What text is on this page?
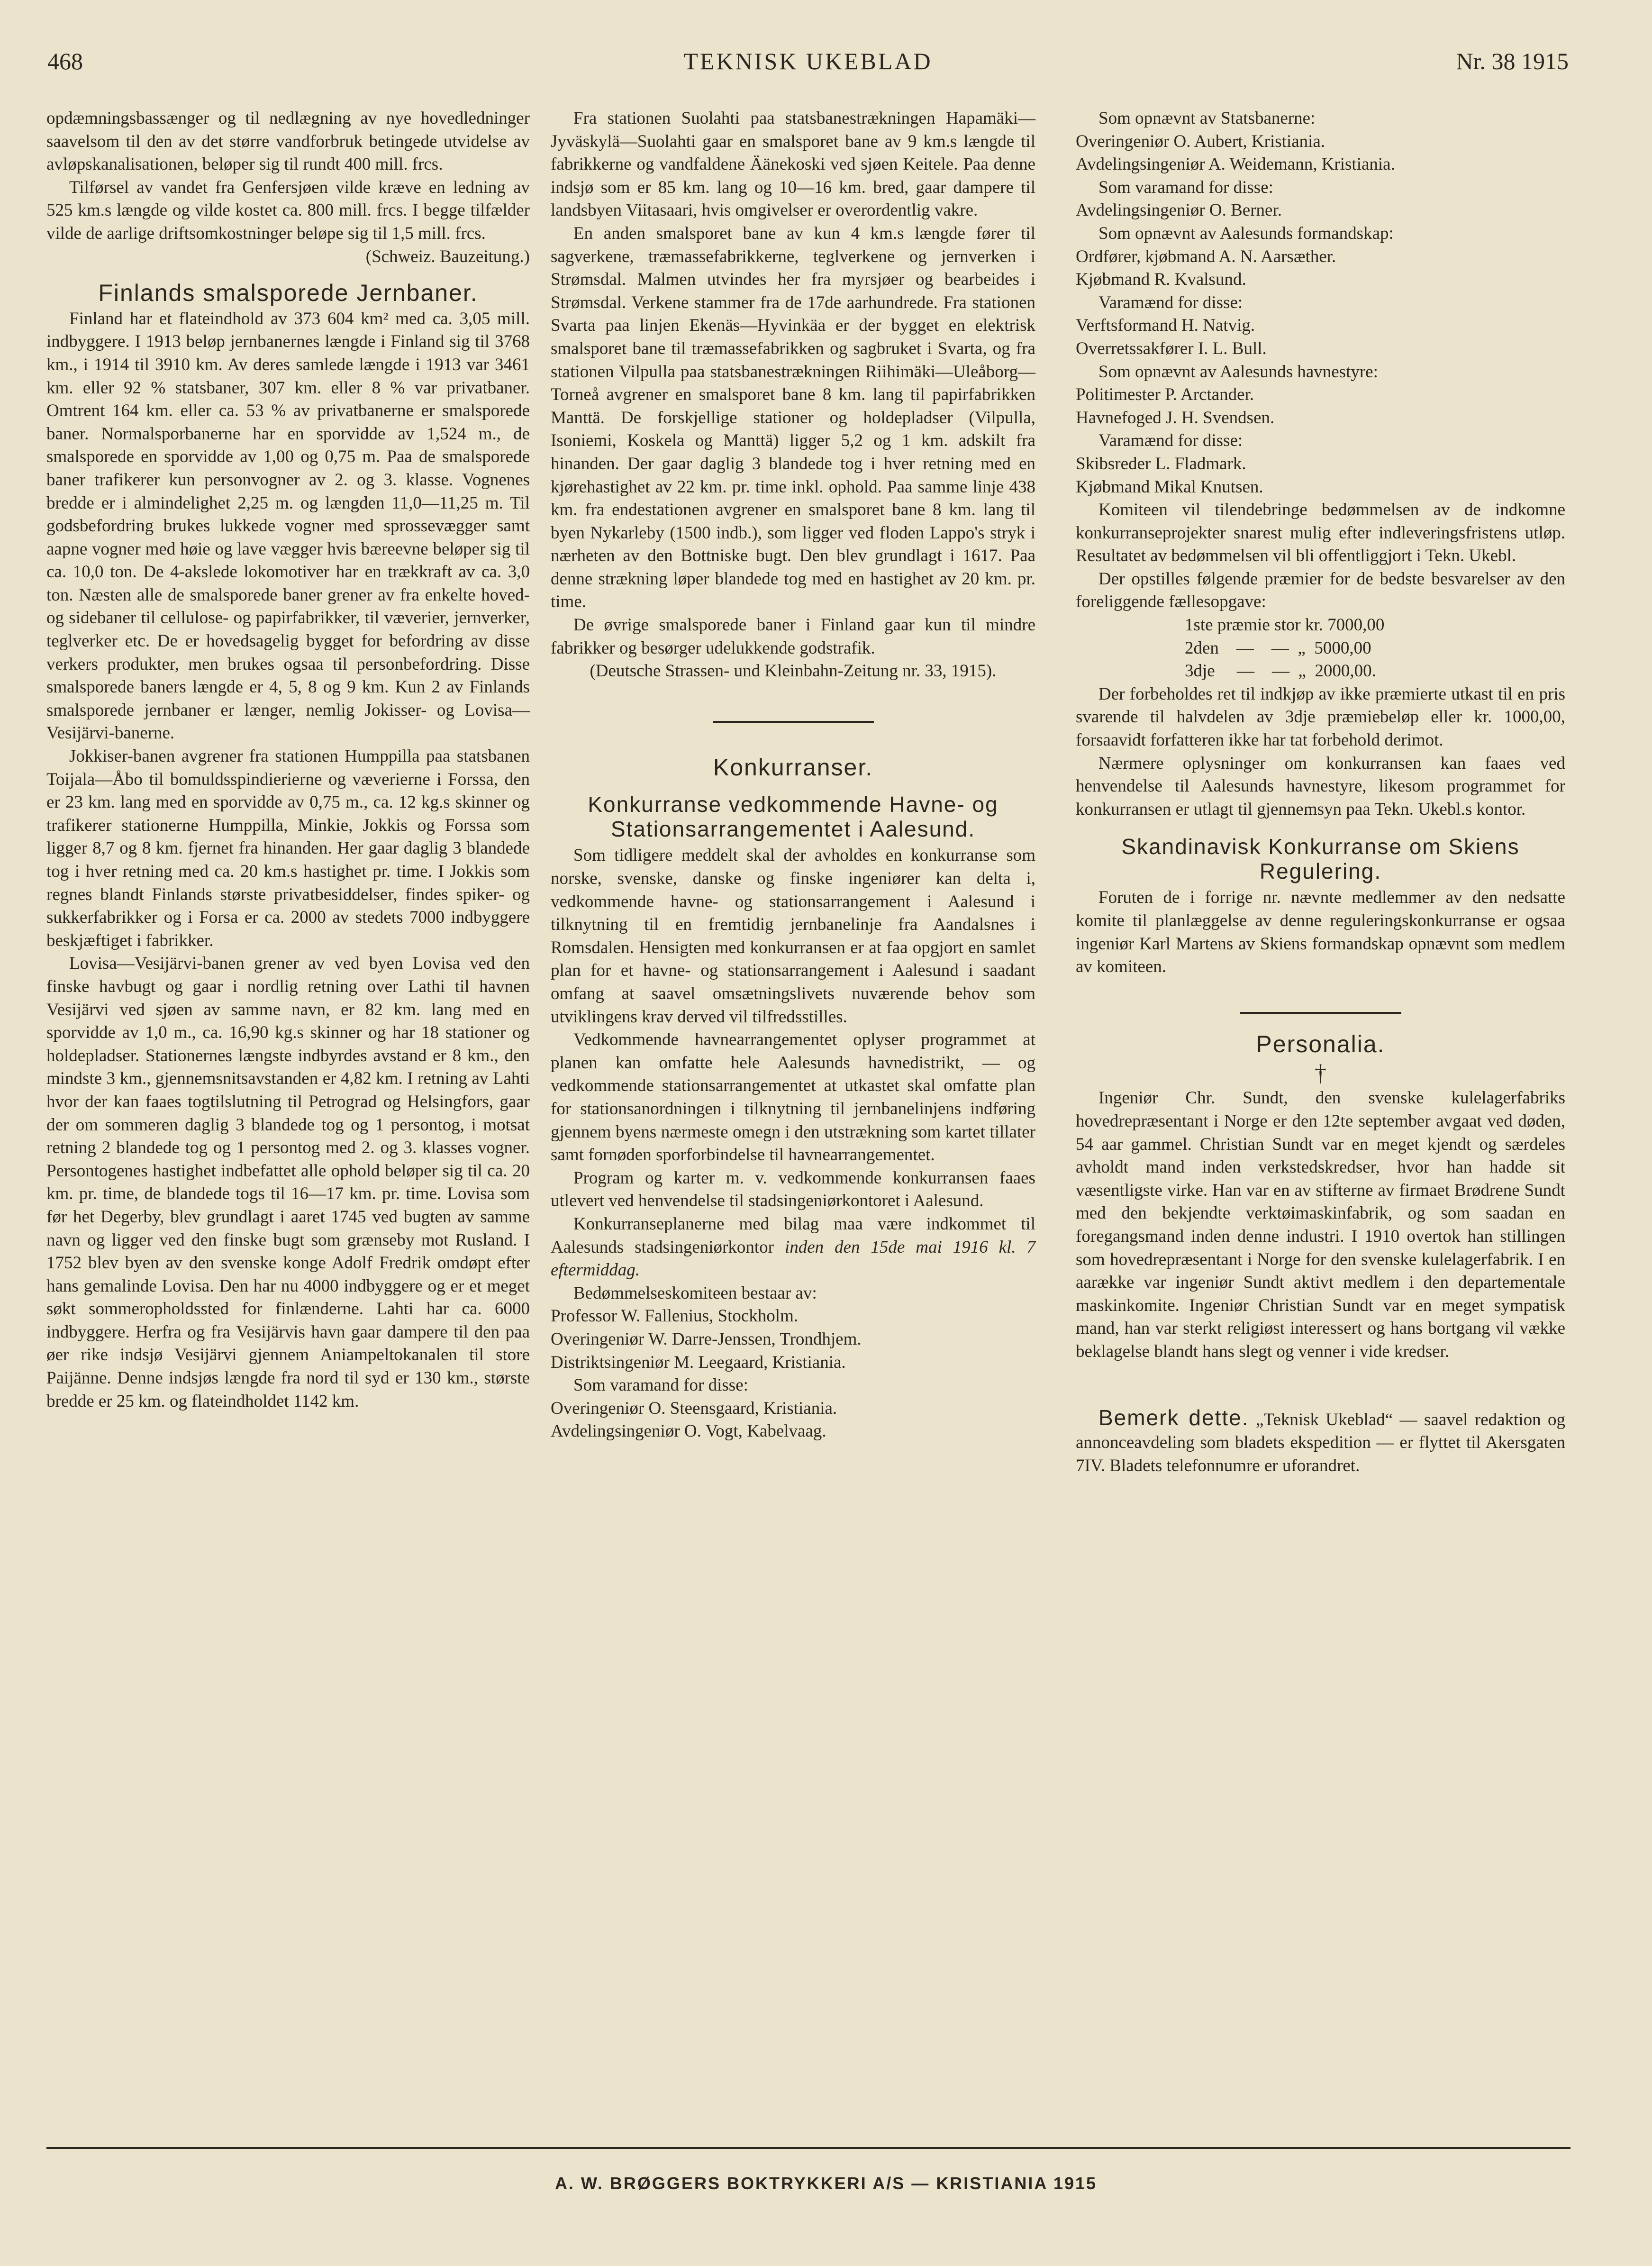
468	TEKNISK UKEBLAD	Nr. 38 1915

opdæmningsbassænger og til nedlægning av nye hovedledninger saavelsom til den av det større vandforbruk betingede utvidelse av avløpskanalisationen, beløper sig til rundt 400 mill. frcs.

Tilførsel av vandet fra Genfersjøen vilde kræve en ledning av 525 km.s længde og vilde kostet ca. 800 mill. frcs. I begge tilfælder vilde de aarlige driftsomkostninger beløpe sig til 1,5 mill. frcs.

(Schweiz. Bauzeitung.)

Finlands smalsporede Jernbaner.

Finland har et flateindhold av 373 604 km² med ca. 3,05 mill. indbyggere. I 1913 beløp jernbanernes længde i Finland sig til 3768 km., i 1914 til 3910 km. Av deres samlede længde i 1913 var 3461 km. eller 92 % statsbaner, 307 km. eller 8 % var privatbaner. Omtrent 164 km. eller ca. 53 % av privatbanerne er smalsporede baner. Normalsporbanerne har en sporvidde av 1,524 m., de smalsporede en sporvidde av 1,00 og 0,75 m. Paa de smalsporede baner trafikerer kun personvogner av 2. og 3. klasse. Vognenes bredde er i almindelighet 2,25 m. og længden 11,0—11,25 m. Til godsbefordring brukes lukkede vogner med sprossevægger samt aapne vogner med høie og lave vægger hvis bæreevne beløper sig til ca. 10,0 ton. De 4-akslede lokomotiver har en trækkraft av ca. 3,0 ton. Næsten alle de smalsporede baner grener av fra enkelte hoved- og sidebaner til cellulose- og papirfabrikker, til væverier, jernverker, teglverker etc. De er hovedsagelig bygget for befordring av disse verkers produkter, men brukes ogsaa til personbefordring. Disse smalsporede baners længde er 4, 5, 8 og 9 km. Kun 2 av Finlands smalsporede jernbaner er længer, nemlig Jokisser- og Lovisa—Vesijärvi-banerne.

Jokkiser-banen avgrener fra stationen Humppilla paa statsbanen Toijala—Åbo til bomuldsspindierierne og væverierne i Forssa, den er 23 km. lang med en sporvidde av 0,75 m., ca. 12 kg.s skinner og trafikerer stationerne Humppilla, Minkie, Jokkis og Forssa som ligger 8,7 og 8 km. fjernet fra hinanden. Her gaar daglig 3 blandede tog i hver retning med ca. 20 km.s hastighet pr. time. I Jokkis som regnes blandt Finlands største privatbesiddelser, findes spiker- og sukkerfabrikker og i Forsa er ca. 2000 av stedets 7000 indbyggere beskjæftiget i fabrikker.

Lovisa—Vesijärvi-banen grener av ved byen Lovisa ved den finske havbugt og gaar i nordlig retning over Lathi til havnen Vesijärvi ved sjøen av samme navn, er 82 km. lang med en sporvidde av 1,0 m., ca. 16,90 kg.s skinner og har 18 stationer og holdepladser. Stationernes længste indbyrdes avstand er 8 km., den mindste 3 km., gjennemsnitsavstanden er 4,82 km. I retning av Lahti hvor der kan faaes togtilslutning til Petrograd og Helsingfors, gaar der om sommeren daglig 3 blandede tog og 1 persontog, i motsat retning 2 blandede tog og 1 persontog med 2. og 3. klasses vogner. Persontogenes hastighet indbefattet alle ophold beløper sig til ca. 20 km. pr. time, de blandede togs til 16—17 km. pr. time. Lovisa som før het Degerby, blev grundlagt i aaret 1745 ved bugten av samme navn og ligger ved den finske bugt som grænseby mot Rusland. I 1752 blev byen av den svenske konge Adolf Fredrik omdøpt efter hans gemalinde Lovisa. Den har nu 4000 indbyggere og er et meget søkt sommeropholdssted for finlænderne. Lahti har ca. 6000 indbyggere. Herfra og fra Vesijärvis havn gaar dampere til den paa øer rike indsjø Vesijärvi gjennem Aniampeltokanalen til store Paijänne. Denne indsjøs længde fra nord til syd er 130 km., største bredde er 25 km. og flateindholdet 1142 km.

Fra stationen Suolahti paa statsbanestrækningen Hapamäki—Jyväskylä—Suolahti gaar en smalsporet bane av 9 km.s længde til fabrikkerne og vandfaldene Äänekoski ved sjøen Keitele. Paa denne indsjø som er 85 km. lang og 10—16 km. bred, gaar dampere til landsbyen Viitasaari, hvis omgivelser er overordentlig vakre.

En anden smalsporet bane av kun 4 km.s længde fører til sagverkene, træmassefabrikkerne, teglverkene og jernverken i Strømsdal. Malmen utvindes her fra myrsjøer og bearbeides i Strømsdal. Verkene stammer fra de 17de aarhundrede. Fra stationen Svarta paa linjen Ekenäs—Hyvinkäa er der bygget en elektrisk smalsporet bane til træmassefabrikken og sagbruket i Svarta, og fra stationen Vilpulla paa statsbanestrækningen Riihimäki—Uleåborg—Torneå avgrener en smalsporet bane 8 km. lang til papirfabrikken Manttä. De forskjellige stationer og holdepladser (Vilpulla, Isoniemi, Koskela og Manttä) ligger 5,2 og 1 km. adskilt fra hinanden. Der gaar daglig 3 blandede tog i hver retning med en kjørehastighet av 22 km. pr. time inkl. ophold. Paa samme linje 438 km. fra endestationen avgrener en smalsporet bane 8 km. lang til byen Nykarleby (1500 indb.), som ligger ved floden Lappo's stryk i nærheten av den Bottniske bugt. Den blev grundlagt i 1617. Paa denne strækning løper blandede tog med en hastighet av 20 km. pr. time.

De øvrige smalsporede baner i Finland gaar kun til mindre fabrikker og besørger udelukkende godstrafik.

(Deutsche Strassen- und Kleinbahn-Zeitung nr. 33, 1915).

Konkurranser.
Konkurranse vedkommende Havne- og Stationsarrangementet i Aalesund.

Som tidligere meddelt skal der avholdes en konkurranse som norske, svenske, danske og finske ingeniører kan delta i, vedkommende havne- og stationsarrangement i Aalesund i tilknytning til en fremtidig jernbanelinje fra Aandalsnes i Romsdalen. Hensigten med konkurransen er at faa opgjort en samlet plan for et havne- og stationsarrangement i Aalesund i saadant omfang at saavel omsætningslivets nuværende behov som utviklingens krav derved vil tilfredsstilles.

Vedkommende havnearrangementet oplyser programmet at planen kan omfatte hele Aalesunds havnedistrikt, — og vedkommende stationsarrangementet at utkastet skal omfatte plan for stationsanordningen i tilknytning til jernbanelinjens indføring gjennem byens nærmeste omegn i den utstrækning som kartet tillater samt fornøden sporforbindelse til havnearrangementet.

Program og karter m. v. vedkommende konkurransen faaes utlevert ved henvendelse til stadsingeniørkontoret i Aalesund.

Konkurranseplanerne med bilag maa være indkommet til Aalesunds stadsingeniørkontor inden den 15de mai 1916 kl. 7 eftermiddag.

Bedømmelseskomiteen bestaar av:

Professor W. Fallenius, Stockholm.

Overingeniør W. Darre-Jenssen, Trondhjem.

Distriktsingeniør M. Leegaard, Kristiania.

Som varamand for disse:

Overingeniør O. Steensgaard, Kristiania.

Avdelingsingeniør O. Vogt, Kabelvaag.

Som opnævnt av Statsbanerne:

Overingeniør O. Aubert, Kristiania.

Avdelingsingeniør A. Weidemann, Kristiania.

Som varamand for disse:

Avdelingsingeniør O. Berner.

Som opnævnt av Aalesunds formandskap:

Ordfører, kjøbmand A. N. Aarsæther.

Kjøbmand R. Kvalsund.

Varamænd for disse:

Verftsformand H. Natvig.

Overretssakfører I. L. Bull.

Som opnævnt av Aalesunds havnestyre:

Politimester P. Arctander.

Havnefoged J. H. Svendsen.

Varamænd for disse:

Skibsreder L. Fladmark.

Kjøbmand Mikal Knutsen.

Komiteen vil tilendebringe bedømmelsen av de indkomne konkurranseprojekter snarest mulig efter indleveringsfristens utløp. Resultatet av bedømmelsen vil bli offentliggjort i Tekn. Ukebl.

Der opstilles følgende præmier for de bedste besvarelser av den foreliggende fællesopgave:

1ste præmie stor kr. 7000,00

2den    —    —  „  5000,00

3dje     —    —  „  2000,00.

Der forbeholdes ret til indkjøp av ikke præmierte utkast til en pris svarende til halvdelen av 3dje præmiebeløp eller kr. 1000,00, forsaavidt forfatteren ikke har tat forbehold derimot.

Nærmere oplysninger om konkurransen kan faaes ved henvendelse til Aalesunds havnestyre, likesom programmet for konkurransen er utlagt til gjennemsyn paa Tekn. Ukebl.s kontor.

Skandinavisk Konkurranse om Skiens Regulering.

Foruten de i forrige nr. nævnte medlemmer av den nedsatte komite til planlæggelse av denne reguleringskonkurranse er ogsaa ingeniør Karl Martens av Skiens formandskap opnævnt som medlem av komiteen.

Personalia.
†

Ingeniør Chr. Sundt, den svenske kulelagerfabriks hovedrepræsentant i Norge er den 12te september avgaat ved døden, 54 aar gammel. Christian Sundt var en meget kjendt og særdeles avholdt mand inden verkstedskredser, hvor han hadde sit væsentligste virke. Han var en av stifterne av firmaet Brødrene Sundt med den bekjendte verktøimaskinfabrik, og som saadan en foregangsmand inden denne industri. I 1910 overtok han stillingen som hovedrepræsentant i Norge for den svenske kulelagerfabrik. I en aarække var ingeniør Sundt aktivt medlem i den departementale maskinkomite. Ingeniør Christian Sundt var en meget sympatisk mand, han var sterkt religiøst interessert og hans bortgang vil vække beklagelse blandt hans slegt og venner i vide kredser.

Bemerk dette. „Teknisk Ukeblad“ — saavel redaktion og annonceavdeling som bladets ekspedition — er flyttet til Akersgaten 7IV. Bladets telefonnumre er uforandret.

A. W. BRØGGERS BOKTRYKKERI A/S — KRISTIANIA 1915
